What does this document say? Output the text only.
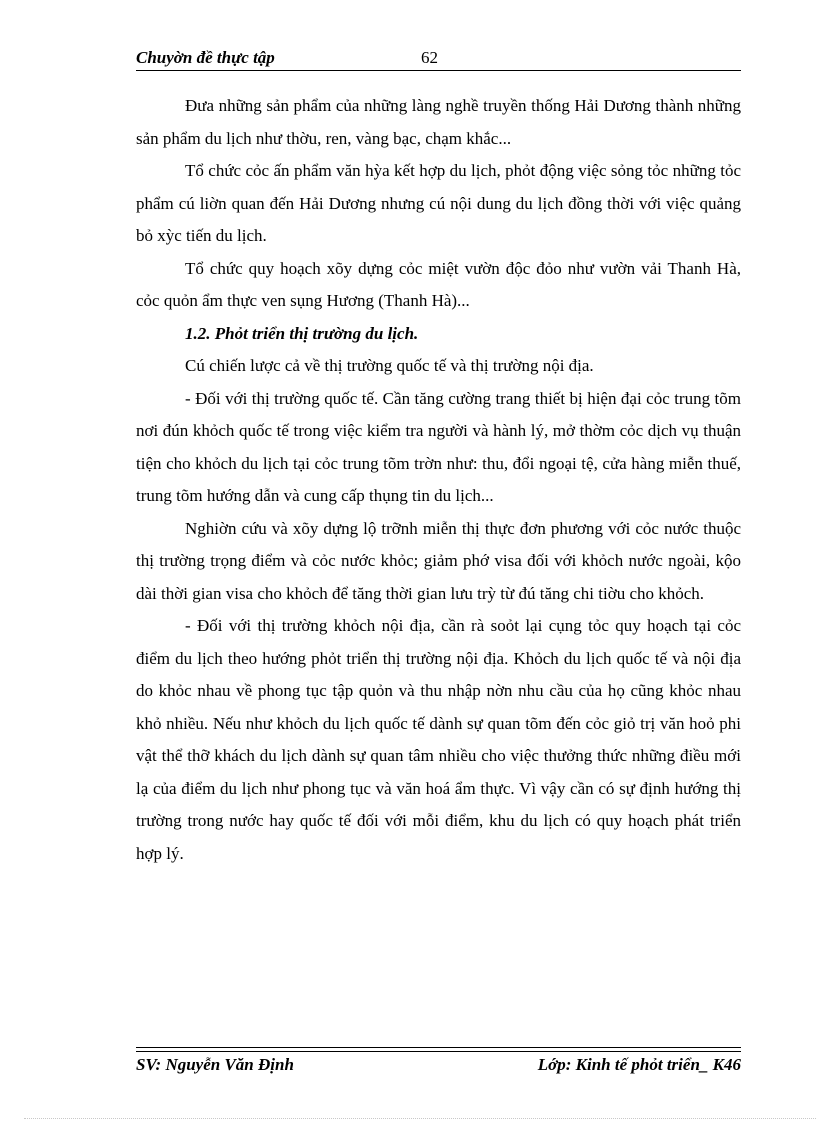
Chuyờn đề thực tập	62

Đưa những sản phẩm của những làng nghề truyền thống Hải Dương thành những sản phẩm du lịch như thờu, ren, vàng bạc, chạm khắc...

Tổ chức cỏc ấn phẩm văn hỳa kết hợp du lịch, phỏt động việc sỏng tỏc những tỏc phẩm cú liờn quan đến Hải Dương nhưng cú nội dung du lịch đồng thời với việc quảng bỏ xỳc tiến du lịch.

Tổ chức quy hoạch xõy dựng cỏc miệt vườn độc đỏo như vườn vải Thanh Hà, cỏc quỏn ẩm thực ven sụng Hương (Thanh Hà)...

1.2. Phỏt triển thị trường du lịch.

Cú chiến lược cả về thị trường quốc tế và thị trường nội địa.

- Đối với thị trường quốc tế. Cần tăng cường trang thiết bị hiện đại cỏc trung tõm nơi đún khỏch quốc tế trong việc kiểm tra người và hành lý, mở thờm cỏc dịch vụ thuận tiện cho khỏch du lịch tại cỏc trung tõm trờn như: thu, đổi ngoại tệ, cửa hàng miễn thuế, trung tõm hướng dẫn và cung cấp thụng tin du lịch...

Nghiờn cứu và xõy dựng lộ trỡnh miễn thị thực đơn phương với cỏc nước thuộc thị trường trọng điểm và cỏc nước khỏc; giảm phớ visa đối với khỏch nước ngoài, kộo dài thời gian visa cho khỏch để tăng thời gian lưu trỳ từ đú tăng chi tiờu cho khỏch.

- Đối với thị trường khỏch nội địa, cần rà soỏt lại cụng tỏc quy hoạch tại cỏc điểm du lịch theo hướng phỏt triển thị trường nội địa. Khỏch du lịch quốc tế và nội địa do khỏc nhau về phong tục tập quỏn và thu nhập nờn nhu cầu của họ cũng khỏc nhau khỏ nhiều. Nếu như khỏch du lịch quốc tế dành sự quan tõm đến cỏc giỏ trị văn hoỏ phi vật thể thỡ khách du lịch dành sự quan tâm nhiều cho việc thưởng thức những điều mới lạ của điểm du lịch như phong tục và văn hoá ẩm thực. Vì vậy cần có sự định hướng thị trường trong nước hay quốc tế đối với mỗi điểm, khu du lịch có quy hoạch phát triển hợp lý.

SV: Nguyễn Văn Định	Lớp: Kinh tế phỏt triển_ K46
